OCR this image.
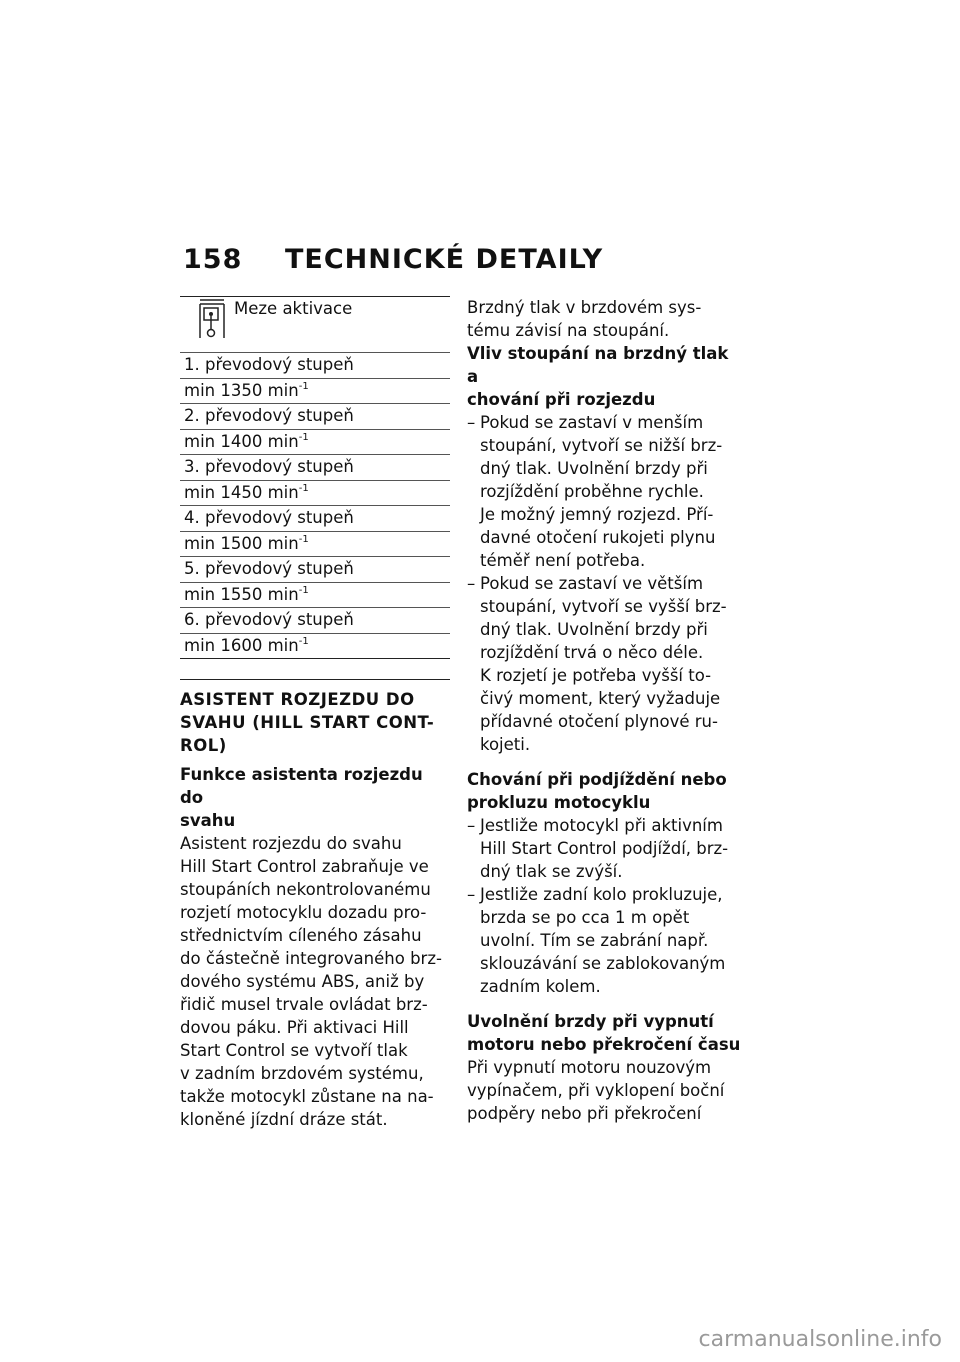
158 TECHNICKÉ DETAILY
Meze aktivace
1. převodový stupeň
min 1350 $\min^{-1}$
2. převodový stupeň
min 1400 $\min^{-1}$
3. převodový stupeň
min 1450 $\min^{-1}$
4. převodový stupeň
min 1500 $\min^{-1}$
5. převodový stupeň
min 1550 $\min^{-1}$
6. převodový stupeň
min 1600 $\min^{-1}$
ASISTENT ROZJEZDU DO
SVAHU (HILL START CONT-
ROL)
Funkce asistenta rozjezdu do
svahu
Asistent rozjezdu do svahu
Hill Start Control zabraňuje ve
stoupáních nekontrolovanému
rozjetí motocyklu dozadu pro-
střednictvím cíleného zásahu
do částečně integrovaného brz-
dového systému ABS, aniž by
řidič musel trvale ovládat brz-
dovou páku. Při aktivaci Hill
Start Control se vytvoří tlak
v zadním brzdovém systému,
takže motocykl zůstane na na-
kloněné jízdní dráze stát.
Brzdný tlak v brzdovém sys-
tému závisí na stoupání.
Vliv stoupání na brzdný tlak a
chování při rozjezdu
– Pokud se zastaví v menším
stoupání, vytvoří se nižší brz-
dný tlak. Uvolnění brzdy při
rozjíždění proběhne rychle.
Je možný jemný rozjezd. Pří-
davné otočení rukojeti plynu
téměř není potřeba.
– Pokud se zastaví ve větším
stoupání, vytvoří se vyšší brz-
dný tlak. Uvolnění brzdy při
rozjíždění trvá o něco déle.
K rozjetí je potřeba vyšší to-
čivý moment, který vyžaduje
přídavné otočení plynové ru-
kojeti.
Chování při podjíždění nebo
prokluzu motocyklu
– Jestliže motocykl při aktivním
Hill Start Control podjíždí, brz-
dný tlak se zvýší.
– Jestliže zadní kolo prokluzuje,
brzda se po cca 1 m opět
uvolní. Tím se zabrání např.
sklouzávání se zablokovaným
zadním kolem.
Uvolnění brzdy při vypnutí
motoru nebo překročení času
Při vypnutí motoru nouzovým
vypínačem, při vyklopení boční
podpěry nebo při překročení
carmanualsonline.info
